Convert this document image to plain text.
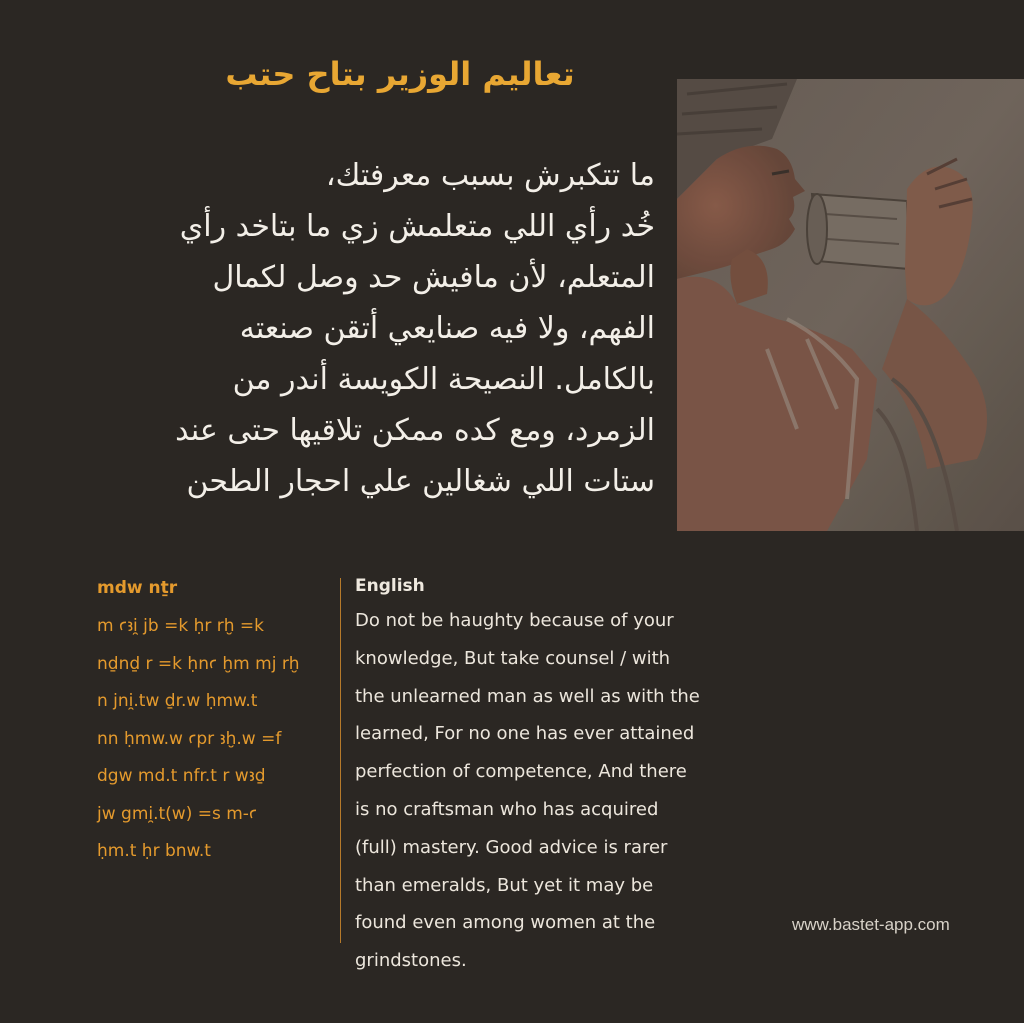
تعاليم الوزير بتاح حتب
ما تتكبرش بسبب معرفتك،
خُد رأي اللي متعلمش زي ما بتاخد رأي
المتعلم، لأن مافيش حد وصل لكمال
الفهم، ولا فيه صنايعي أتقن صنعته
بالكامل. النصيحة الكويسة أندر من
الزمرد، ومع كده ممكن تلاقيها حتى عند
ستات اللي شغالين علي احجار الطحن
mdw nṯr
m ꜥꜣi̯ jb =k ḥr rḫ =k
nḏnḏ r =k ḥnꜥ ḫm mj rḫ
n jni̯.tw ḏr.w ḥmw.t
nn ḥmw.w ꜥpr ꜣḫ.w =f
dgw md.t nfr.t r wꜣḏ
jw gmi̯.t(w) =s m-ꜥ
ḥm.t ḥr bnw.t
English
Do not be haughty because of your
knowledge, But take counsel / with
the unlearned man as well as with the
learned, For no one has ever attained
perfection of competence, And there
is no craftsman who has acquired
(full) mastery. Good advice is rarer
than emeralds, But yet it may be
found even among women at the
grindstones.
www.bastet-app.com
